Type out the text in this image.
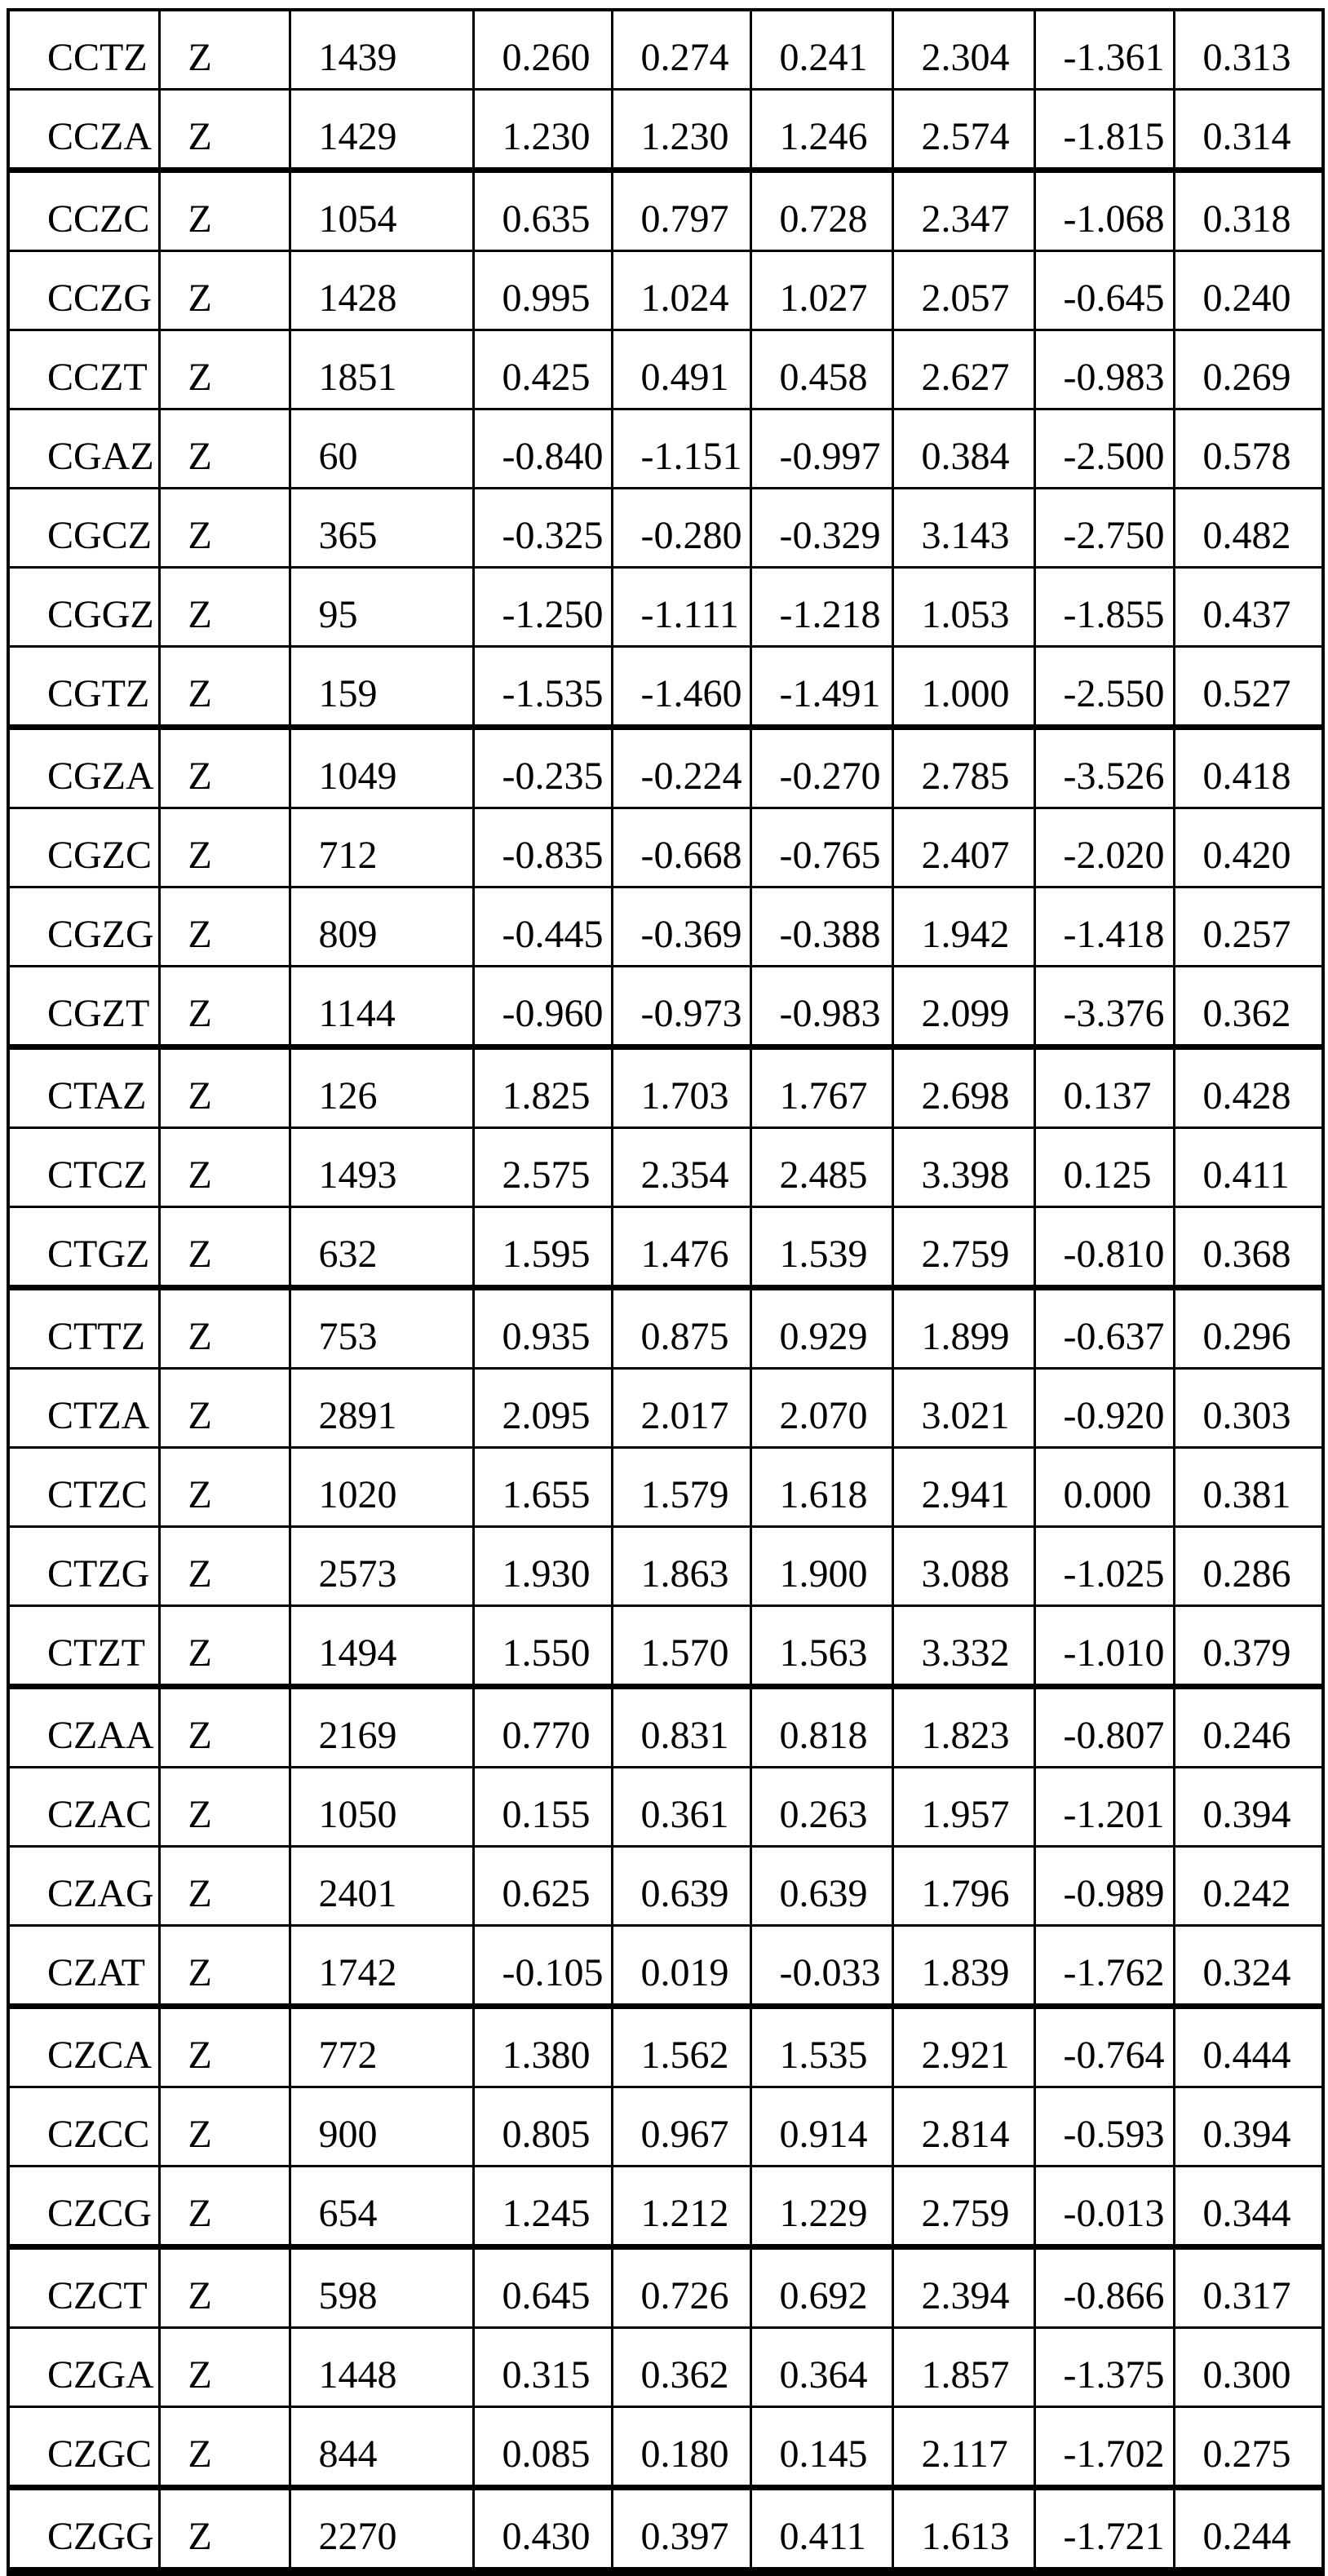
CCTZ	Z	1439	0.260	0.274	0.241	2.304	-1.361	0.313
CCZA	Z	1429	1.230	1.230	1.246	2.574	-1.815	0.314
CCZC	Z	1054	0.635	0.797	0.728	2.347	-1.068	0.318
CCZG	Z	1428	0.995	1.024	1.027	2.057	-0.645	0.240
CCZT	Z	1851	0.425	0.491	0.458	2.627	-0.983	0.269
CGAZ	Z	60	-0.840	-1.151	-0.997	0.384	-2.500	0.578
CGCZ	Z	365	-0.325	-0.280	-0.329	3.143	-2.750	0.482
CGGZ	Z	95	-1.250	-1.111	-1.218	1.053	-1.855	0.437
CGTZ	Z	159	-1.535	-1.460	-1.491	1.000	-2.550	0.527
CGZA	Z	1049	-0.235	-0.224	-0.270	2.785	-3.526	0.418
CGZC	Z	712	-0.835	-0.668	-0.765	2.407	-2.020	0.420
CGZG	Z	809	-0.445	-0.369	-0.388	1.942	-1.418	0.257
CGZT	Z	1144	-0.960	-0.973	-0.983	2.099	-3.376	0.362
CTAZ	Z	126	1.825	1.703	1.767	2.698	0.137	0.428
CTCZ	Z	1493	2.575	2.354	2.485	3.398	0.125	0.411
CTGZ	Z	632	1.595	1.476	1.539	2.759	-0.810	0.368
CTTZ	Z	753	0.935	0.875	0.929	1.899	-0.637	0.296
CTZA	Z	2891	2.095	2.017	2.070	3.021	-0.920	0.303
CTZC	Z	1020	1.655	1.579	1.618	2.941	0.000	0.381
CTZG	Z	2573	1.930	1.863	1.900	3.088	-1.025	0.286
CTZT	Z	1494	1.550	1.570	1.563	3.332	-1.010	0.379
CZAA	Z	2169	0.770	0.831	0.818	1.823	-0.807	0.246
CZAC	Z	1050	0.155	0.361	0.263	1.957	-1.201	0.394
CZAG	Z	2401	0.625	0.639	0.639	1.796	-0.989	0.242
CZAT	Z	1742	-0.105	0.019	-0.033	1.839	-1.762	0.324
CZCA	Z	772	1.380	1.562	1.535	2.921	-0.764	0.444
CZCC	Z	900	0.805	0.967	0.914	2.814	-0.593	0.394
CZCG	Z	654	1.245	1.212	1.229	2.759	-0.013	0.344
CZCT	Z	598	0.645	0.726	0.692	2.394	-0.866	0.317
CZGA	Z	1448	0.315	0.362	0.364	1.857	-1.375	0.300
CZGC	Z	844	0.085	0.180	0.145	2.117	-1.702	0.275
CZGG	Z	2270	0.430	0.397	0.411	1.613	-1.721	0.244
